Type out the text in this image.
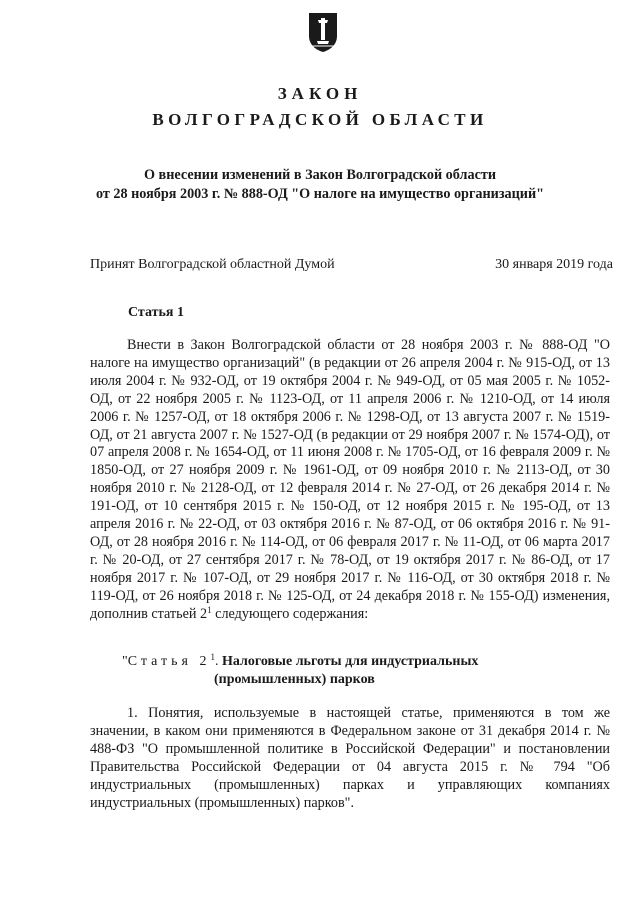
ЗАКОН
ВОЛГОГРАДСКОЙ ОБЛАСТИ
О внесении изменений в Закон Волгоградской области
от 28 ноября 2003 г. № 888-ОД "О налоге на имущество организаций"
Принят Волгоградской областной Думой	30 января 2019 года
Статья 1

Внести в Закон Волгоградской области от 28 ноября 2003 г. № 888-ОД "О налоге на имущество организаций" (в редакции от 26 апреля 2004 г. № 915-ОД, от 13 июля 2004 г. № 932-ОД, от 19 октября 2004 г. № 949-ОД, от 05 мая 2005 г. № 1052-ОД, от 22 ноября 2005 г. № 1123-ОД, от 11 апреля 2006 г. № 1210-ОД, от 14 июля 2006 г. № 1257-ОД, от 18 октября 2006 г. № 1298-ОД, от 13 августа 2007 г. № 1519-ОД, от 21 августа 2007 г. № 1527-ОД (в редакции от 29 ноября 2007 г. № 1574-ОД), от 07 апреля 2008 г. № 1654-ОД, от 11 июня 2008 г. № 1705-ОД, от 16 февраля 2009 г. № 1850-ОД, от 27 ноября 2009 г. № 1961-ОД, от 09 ноября 2010 г. № 2113-ОД, от 30 ноября 2010 г. № 2128-ОД, от 12 февраля 2014 г. № 27-ОД, от 26 декабря 2014 г. № 191-ОД, от 10 сентября 2015 г. № 150-ОД, от 12 ноября 2015 г. № 195-ОД, от 13 апреля 2016 г. № 22-ОД, от 03 октября 2016 г. № 87-ОД, от 06 октября 2016 г. № 91-ОД, от 28 ноября 2016 г. № 114-ОД, от 06 февраля 2017 г. № 11-ОД, от 06 марта 2017 г. № 20-ОД, от 27 сентября 2017 г. № 78-ОД, от 19 октября 2017 г. № 86-ОД, от 17 ноября 2017 г. № 107-ОД, от 29 ноября 2017 г. № 116-ОД, от 30 октября 2018 г. № 119-ОД, от 26 ноября 2018 г. № 125-ОД, от 24 декабря 2018 г. № 155-ОД) изменения, дополнив статьей $2^1$ следующего содержания:

"Статья $2^1$. Налоговые льготы для индустриальных
(промышленных) парков

1. Понятия, используемые в настоящей статье, применяются в том же значении, в каком они применяются в Федеральном законе от 31 декабря 2014 г. № 488-ФЗ "О промышленной политике в Российской Федерации" и постановлении Правительства Российской Федерации от 04 августа 2015 г. № 794 "Об индустриальных (промышленных) парках и управляющих компаниях индустриальных (промышленных) парков".
